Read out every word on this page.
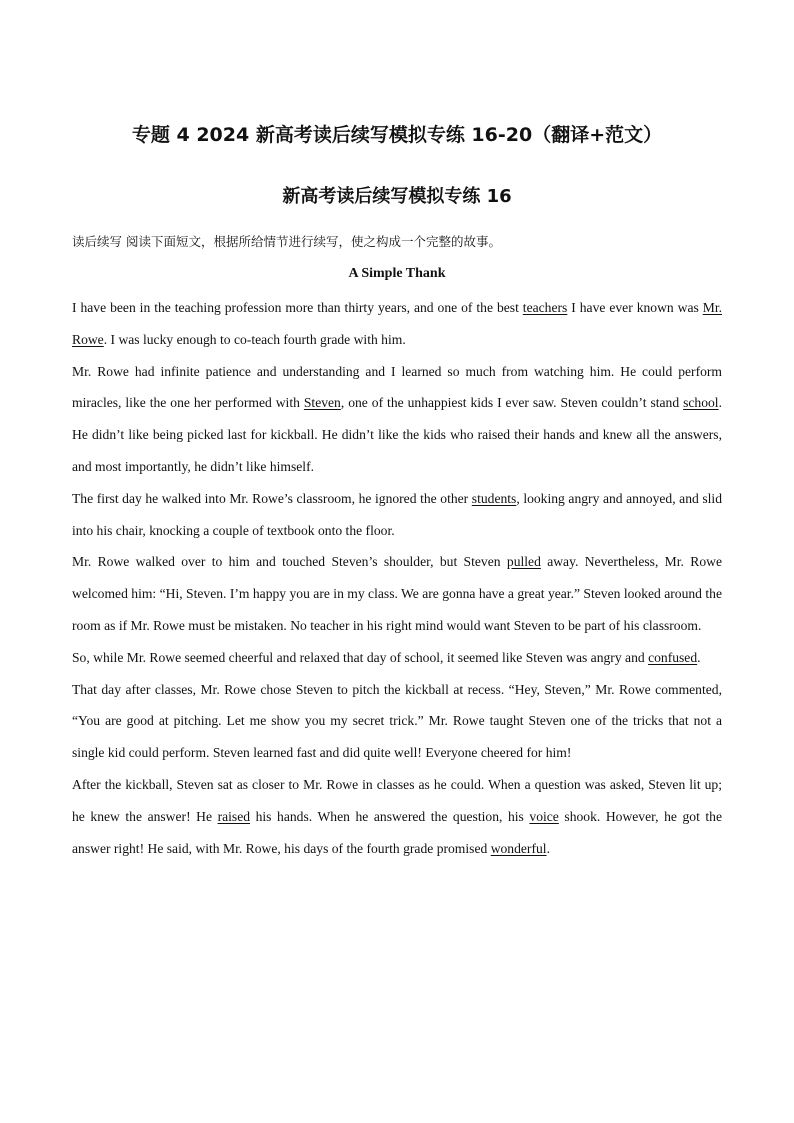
专题 4 2024 新高考读后续写模拟专练 16-20（翻译+范文）
新高考读后续写模拟专练 16

读后续写 阅读下面短文，根据所给情节进行续写，使之构成一个完整的故事。

A Simple Thank

I have been in the teaching profession more than thirty years, and one of the best teachers I have ever known was Mr. Rowe. I was lucky enough to co-teach fourth grade with him.

Mr. Rowe had infinite patience and understanding and I learned so much from watching him. He could perform miracles, like the one her performed with Steven, one of the unhappiest kids I ever saw. Steven couldn’t stand school. He didn’t like being picked last for kickball. He didn’t like the kids who raised their hands and knew all the answers, and most importantly, he didn’t like himself.

The first day he walked into Mr. Rowe’s classroom, he ignored the other students, looking angry and annoyed, and slid into his chair, knocking a couple of textbook onto the floor.

Mr. Rowe walked over to him and touched Steven’s shoulder, but Steven pulled away. Nevertheless, Mr. Rowe welcomed him: “Hi, Steven. I’m happy you are in my class. We are gonna have a great year.” Steven looked around the room as if Mr. Rowe must be mistaken. No teacher in his right mind would want Steven to be part of his classroom.

So, while Mr. Rowe seemed cheerful and relaxed that day of school, it seemed like Steven was angry and confused.

That day after classes, Mr. Rowe chose Steven to pitch the kickball at recess. “Hey, Steven,” Mr. Rowe commented, “You are good at pitching. Let me show you my secret trick.” Mr. Rowe taught Steven one of the tricks that not a single kid could perform. Steven learned fast and did quite well! Everyone cheered for him!

After the kickball, Steven sat as closer to Mr. Rowe in classes as he could. When a question was asked, Steven lit up; he knew the answer! He raised his hands. When he answered the question, his voice shook. However, he got the answer right! He said, with Mr. Rowe, his days of the fourth grade promised wonderful.
